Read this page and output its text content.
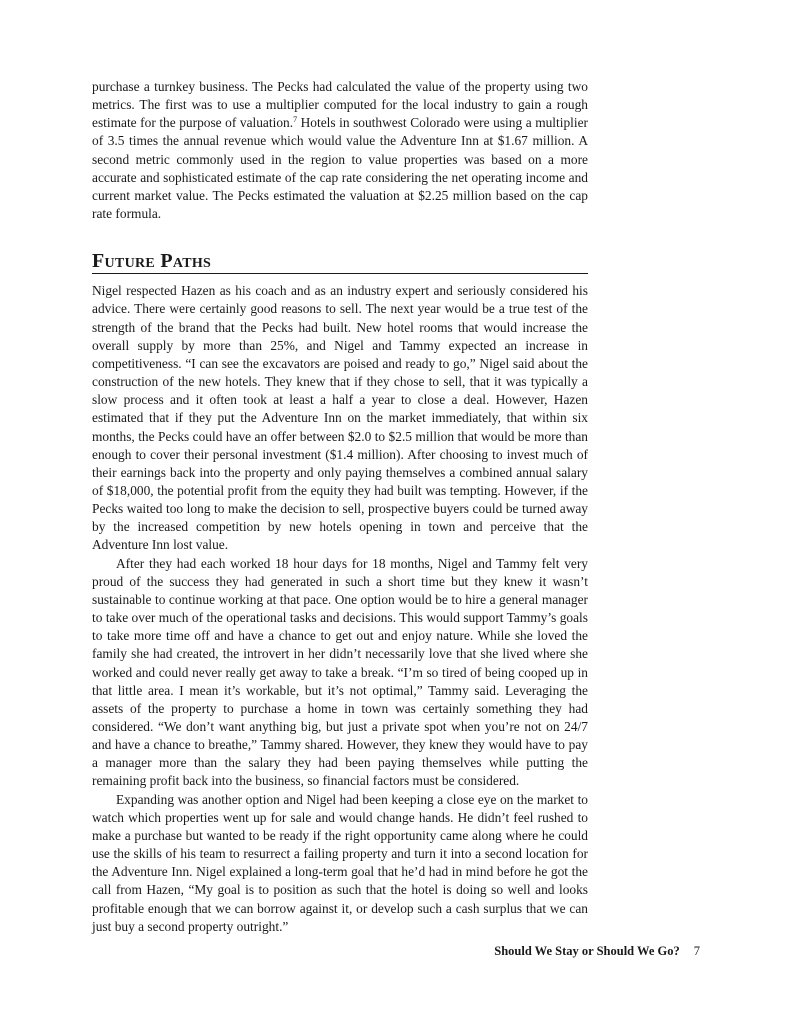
purchase a turnkey business. The Pecks had calculated the value of the property using two metrics. The first was to use a multiplier computed for the local industry to gain a rough estimate for the purpose of valuation.$^7$ Hotels in southwest Colorado were using a multiplier of 3.5 times the annual revenue which would value the Adventure Inn at $1.67 million. A second metric commonly used in the region to value properties was based on a more accurate and sophisticated estimate of the cap rate considering the net operating income and current market value. The Pecks estimated the valuation at $2.25 million based on the cap rate formula.

Future Paths

Nigel respected Hazen as his coach and as an industry expert and seriously considered his advice. There were certainly good reasons to sell. The next year would be a true test of the strength of the brand that the Pecks had built. New hotel rooms that would increase the overall supply by more than 25%, and Nigel and Tammy expected an increase in competitiveness. “I can see the excavators are poised and ready to go,” Nigel said about the construction of the new hotels. They knew that if they chose to sell, that it was typically a slow process and it often took at least a half a year to close a deal. However, Hazen estimated that if they put the Adventure Inn on the market immediately, that within six months, the Pecks could have an offer between $2.0 to $2.5 million that would be more than enough to cover their personal investment ($1.4 million). After choosing to invest much of their earnings back into the property and only paying themselves a combined annual salary of $18,000, the potential profit from the equity they had built was tempting. However, if the Pecks waited too long to make the decision to sell, prospective buyers could be turned away by the increased competition by new hotels opening in town and perceive that the Adventure Inn lost value.

After they had each worked 18 hour days for 18 months, Nigel and Tammy felt very proud of the success they had generated in such a short time but they knew it wasn’t sustainable to continue working at that pace. One option would be to hire a general manager to take over much of the operational tasks and decisions. This would support Tammy’s goals to take more time off and have a chance to get out and enjoy nature. While she loved the family she had created, the introvert in her didn’t necessarily love that she lived where she worked and could never really get away to take a break. “I’m so tired of being cooped up in that little area. I mean it’s workable, but it’s not optimal,” Tammy said. Leveraging the assets of the property to purchase a home in town was certainly something they had considered. “We don’t want anything big, but just a private spot when you’re not on 24/7 and have a chance to breathe,” Tammy shared. However, they knew they would have to pay a manager more than the salary they had been paying themselves while putting the remaining profit back into the business, so financial factors must be considered.

Expanding was another option and Nigel had been keeping a close eye on the market to watch which properties went up for sale and would change hands. He didn’t feel rushed to make a purchase but wanted to be ready if the right opportunity came along where he could use the skills of his team to resurrect a failing property and turn it into a second location for the Adventure Inn. Nigel explained a long-term goal that he’d had in mind before he got the call from Hazen, “My goal is to position as such that the hotel is doing so well and looks profitable enough that we can borrow against it, or develop such a cash surplus that we can just buy a second property outright.”

Should We Stay or Should We Go? 7
